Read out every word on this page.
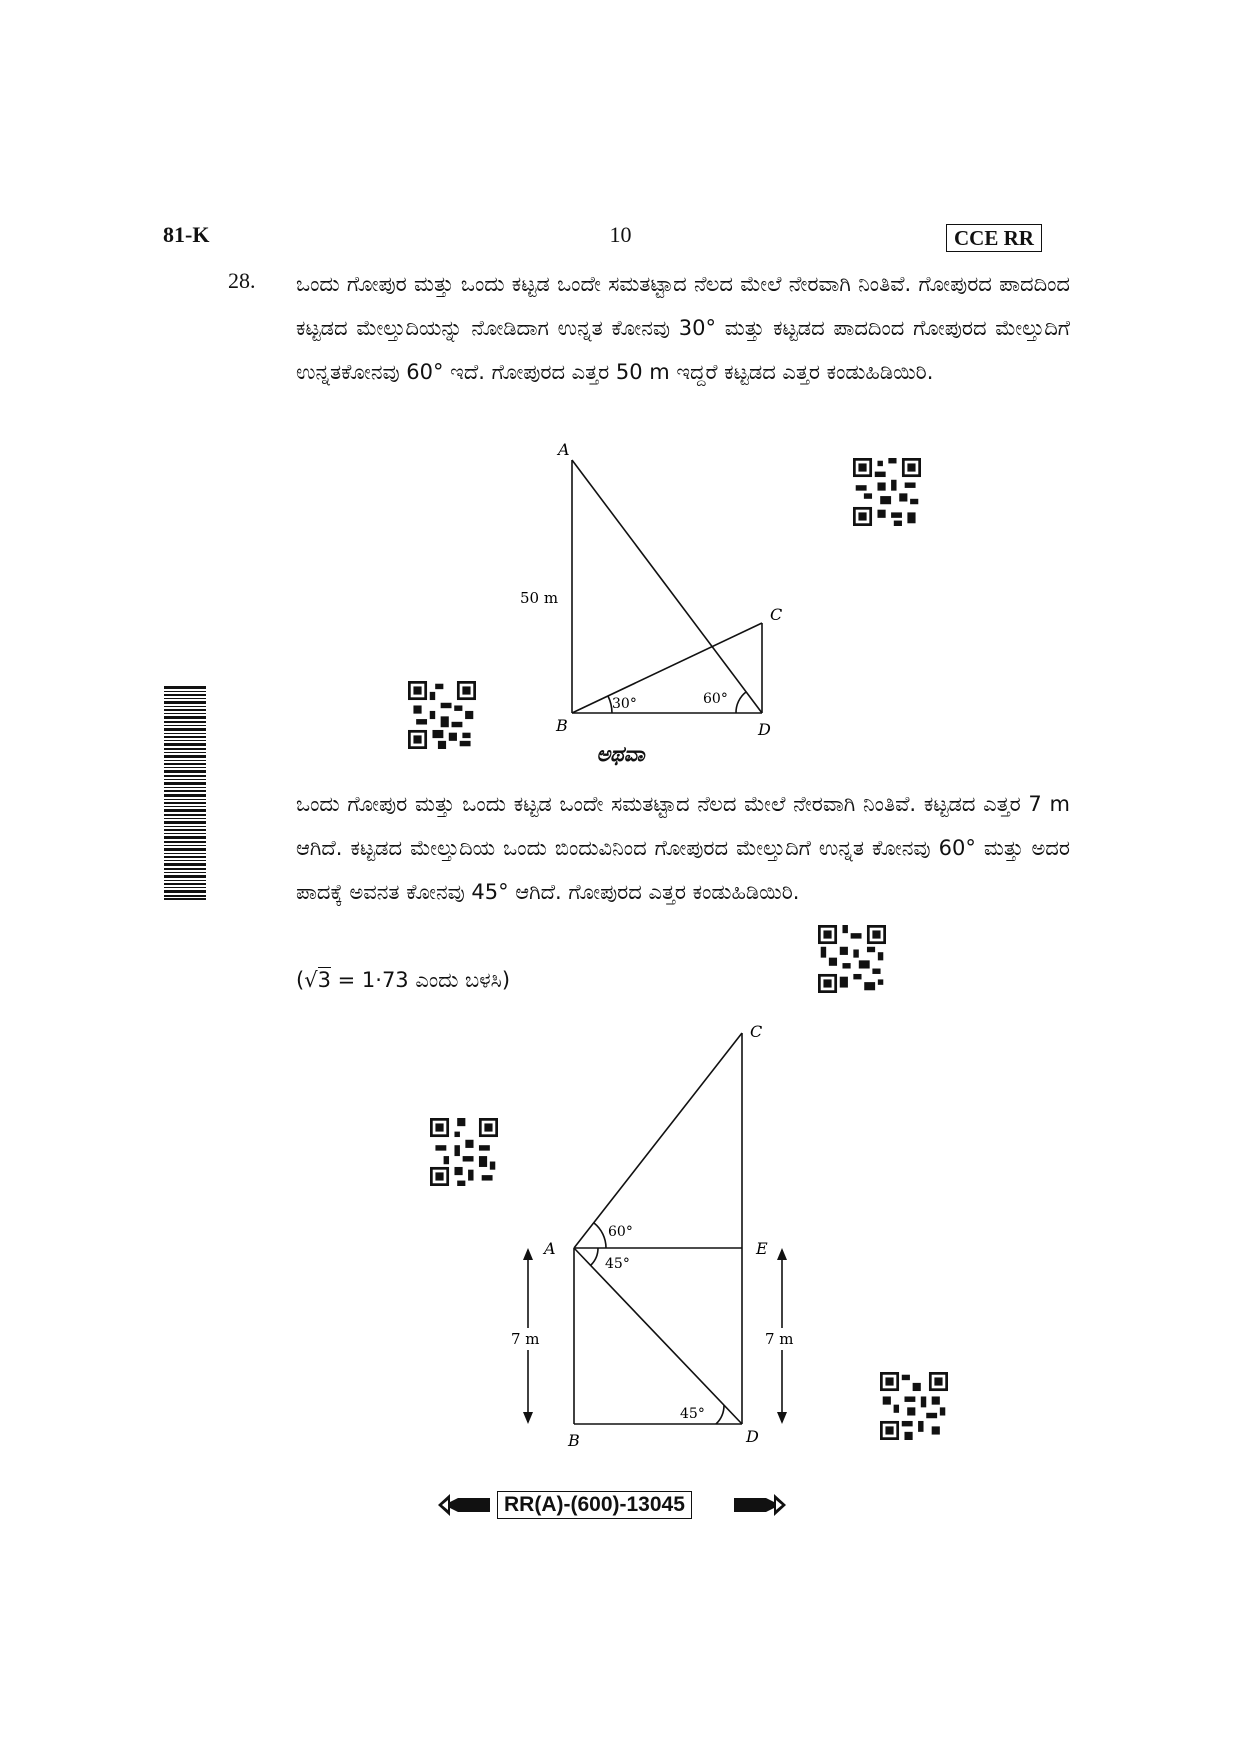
81-K	10	CCE RR
28. ಒಂದು ಗೋಪುರ ಮತ್ತು ಒಂದು ಕಟ್ಟಡ ಒಂದೇ ಸಮತಟ್ಟಾದ ನೆಲದ ಮೇಲೆ ನೇರವಾಗಿ ನಿಂತಿವೆ. ಗೋಪುರದ ಪಾದದಿಂದ ಕಟ್ಟಡದ ಮೇಲ್ತುದಿಯನ್ನು ನೋಡಿದಾಗ ಉನ್ನತ ಕೋನವು 30° ಮತ್ತು ಕಟ್ಟಡದ ಪಾದದಿಂದ ಗೋಪುರದ ಮೇಲ್ತುದಿಗೆ ಉನ್ನತಕೋನವು 60° ಇದೆ. ಗೋಪುರದ ಎತ್ತರ 50 m ಇದ್ದರೆ ಕಟ್ಟಡದ ಎತ್ತರ ಕಂಡುಹಿಡಿಯಿರಿ.
A
B
C
D
50 m
30°	60°
ಅಥವಾ
ಒಂದು ಗೋಪುರ ಮತ್ತು ಒಂದು ಕಟ್ಟಡ ಒಂದೇ ಸಮತಟ್ಟಾದ ನೆಲದ ಮೇಲೆ ನೇರವಾಗಿ ನಿಂತಿವೆ. ಕಟ್ಟಡದ ಎತ್ತರ 7 m ಆಗಿದೆ. ಕಟ್ಟಡದ ಮೇಲ್ತುದಿಯ ಒಂದು ಬಿಂದುವಿನಿಂದ ಗೋಪುರದ ಮೇಲ್ತುದಿಗೆ ಉನ್ನತ ಕೋನವು 60° ಮತ್ತು ಅದರ ಪಾದಕ್ಕೆ ಅವನತ ಕೋನವು 45° ಆಗಿದೆ. ಗೋಪುರದ ಎತ್ತರ ಕಂಡುಹಿಡಿಯಿರಿ.
(√3 = 1·73 ಎಂದು ಬಳಸಿ)
7 m	7 m
C
A	E
B	D
60°
45°
45°
RR(A)-(600)-13045
